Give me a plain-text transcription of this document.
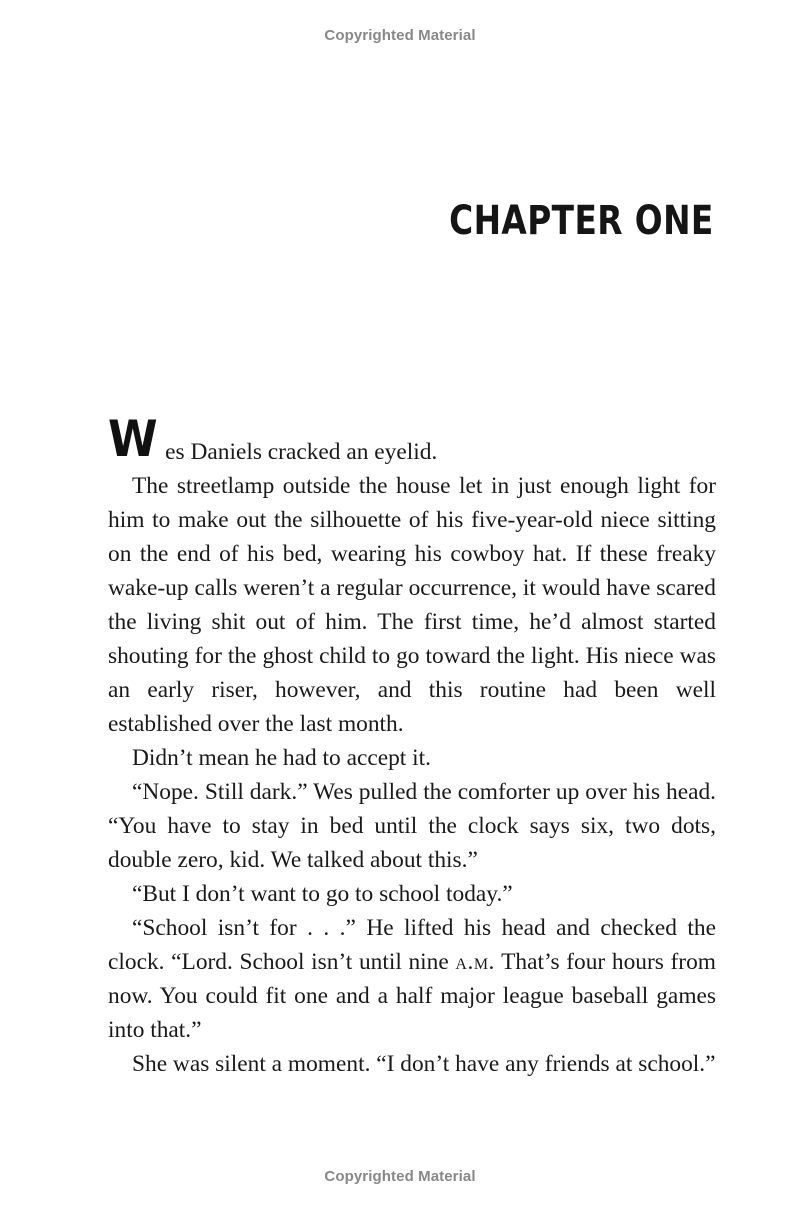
Copyrighted Material
CHAPTER ONE

W es Daniels cracked an eyelid.

The streetlamp outside the house let in just enough light for him to make out the silhouette of his five-year-old niece sitting on the end of his bed, wearing his cowboy hat. If these freaky wake-up calls weren’t a regular occurrence, it would have scared the living shit out of him. The first time, he’d almost started shouting for the ghost child to go toward the light. His niece was an early riser, however, and this routine had been well established over the last month.

Didn’t mean he had to accept it.

“Nope. Still dark.” Wes pulled the comforter up over his head. “You have to stay in bed until the clock says six, two dots, double zero, kid. We talked about this.”

“But I don’t want to go to school today.”

“School isn’t for . . .” He lifted his head and checked the clock. “Lord. School isn’t until nine a.m. That’s four hours from now. You could fit one and a half major league baseball games into that.”

She was silent a moment. “I don’t have any friends at school.”

Copyrighted Material
